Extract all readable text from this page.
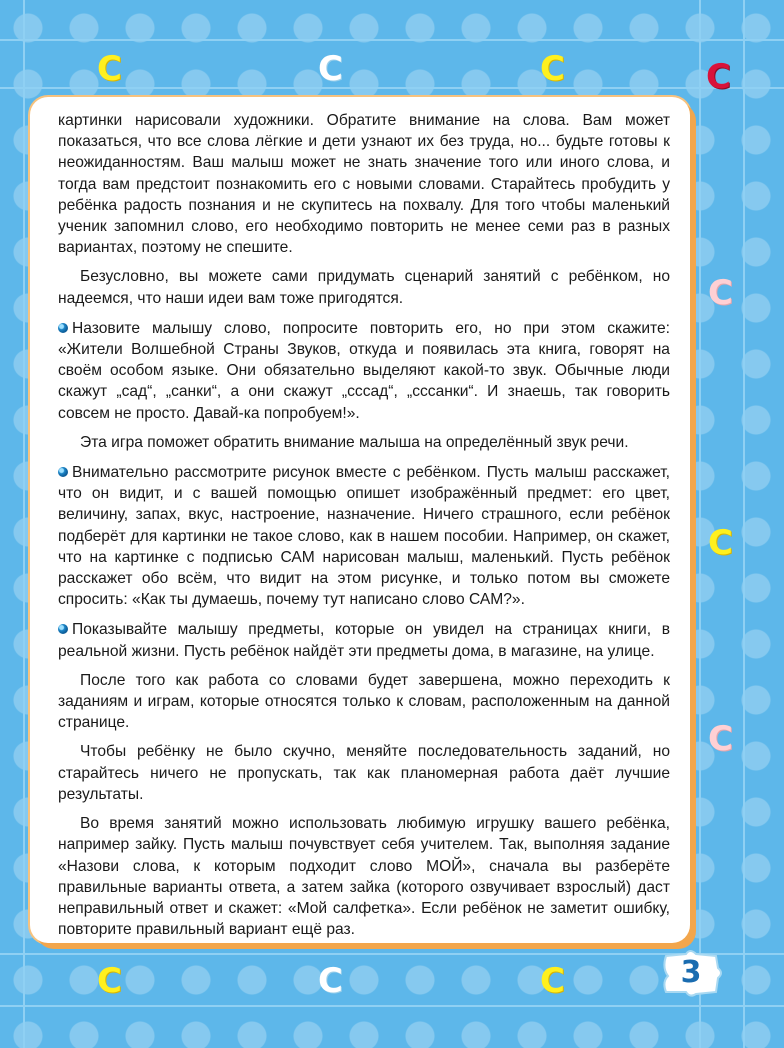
С	С	С	С
С
С
С
С	С	С

картинки нарисовали художники. Обратите внимание на слова. Вам может показаться, что все слова лёгкие и дети узнают их без труда, но... будьте готовы к неожиданностям. Ваш малыш может не знать значение того или иного слова, и тогда вам предстоит познакомить его с новыми словами. Старайтесь пробудить у ребёнка радость познания и не скупитесь на похвалу. Для того чтобы маленький ученик запомнил слово, его необходимо повторить не менее семи раз в разных вариантах, поэтому не спешите.

Безусловно, вы можете сами придумать сценарий занятий с ребёнком, но надеемся, что наши идеи вам тоже пригодятся.

Назовите малышу слово, попросите повторить его, но при этом скажите: «Жители Волшебной Страны Звуков, откуда и появилась эта книга, говорят на своём особом языке. Они обязательно выделяют какой-то звук. Обычные люди скажут „сад“, „санки“, а они скажут „сссад“, „сссанки“. И знаешь, так говорить совсем не просто. Давай-ка попробуем!».

Эта игра поможет обратить внимание малыша на определённый звук речи.

Внимательно рассмотрите рисунок вместе с ребёнком. Пусть малыш расскажет, что он видит, и с вашей помощью опишет изображённый предмет: его цвет, величину, запах, вкус, настроение, назначение. Ничего страшного, если ребёнок подберёт для картинки не такое слово, как в нашем пособии. Например, он скажет, что на картинке с подписью САМ нарисован малыш, маленький. Пусть ребёнок расскажет обо всём, что видит на этом рисунке, и только потом вы сможете спросить: «Как ты думаешь, почему тут написано слово САМ?».

Показывайте малышу предметы, которые он увидел на страницах книги, в реальной жизни. Пусть ребёнок найдёт эти предметы дома, в магазине, на улице.

После того как работа со словами будет завершена, можно переходить к заданиям и играм, которые относятся только к словам, расположенным на данной странице.

Чтобы ребёнку не было скучно, меняйте последовательность заданий, но старайтесь ничего не пропускать, так как планомерная работа даёт лучшие результаты.

Во время занятий можно использовать любимую игрушку вашего ребёнка, например зайку. Пусть малыш почувствует себя учителем. Так, выполняя задание «Назови слова, к которым подходит слово МОЙ», сначала вы разберёте правильные варианты ответа, а затем зайка (которого озвучивает взрослый) даст неправильный ответ и скажет: «Мой салфетка». Если ребёнок не заметит ошибку, повторите правильный вариант ещё раз.

3
